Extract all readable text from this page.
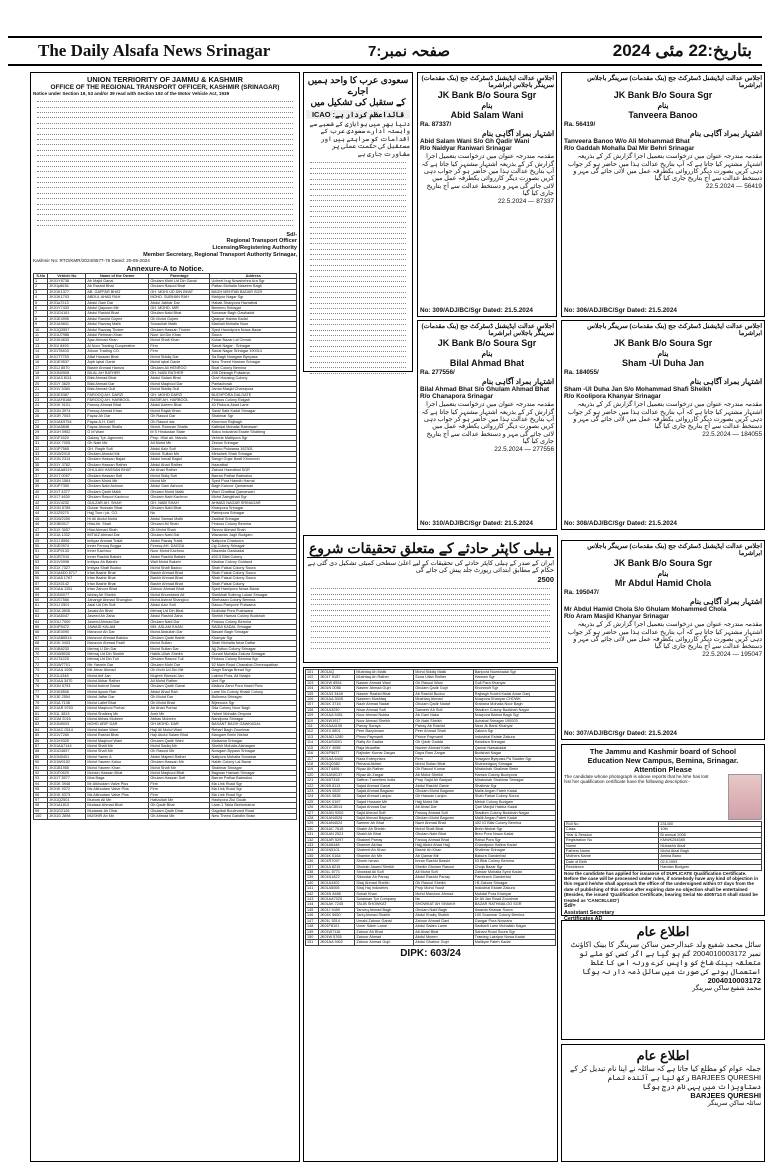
The Daily Alsafa News Srinagar	صفحہ نمبر:7	بتاریخ:22 مئی 2024
UNION TERRIORITY OF JAMMU & KASHMIR
OFFICE OF THE REGIONAL TRANSPORT OFFICER, KASHMIR (SRINAGAR)
Notice under Section 19, 53 and/or 39 read with Section 192 of the Motor Vehicle Act, 1939
Sd/-
Regional Transport Officer
Licensing/Registering Authority
Member Secretary, Regional Transport Authority Srinagar,
Kashmir No: RTO/KMR/2024/8577-78 Dated: 20-05-2024
Annexure-A to Notice.
S.No	Vehicle No	Name of the Owner	Parentage	Address
1	JK01Y8738	Ab Majid Ganai	Ghulam Mohi Ud Din Ganai	Ucheel hug Nowshehra Ara Sgr
2	JK01p8636	Ab Rashid Bhat	Ghulam Rasool Bhat	Pattan Mohalla Naseem Bagh
3	JK01K1377	AB. GAFFAR BHAT	GH. MOHI UD DIN BHAT	BAGH MEHTAB BADAR SGR
4	JK01K1703	ABDUL AHAD RAH	MOHD. SUBHAN RAH	Mahjoor Nagar Sgr
5	JK01a7213	Abdul Gani Dar	Abdul Jabbar Dar	Habak Shanpora Hazratbal
6	JK01Y7433	Abdul Qayoom Mir	GH. MOHD. MIR	Bemeeo Srinagar
7	JK01G4161	Abdul Rashid Bhat	Ghulam Nabi Bhat	Sonawar Bagh Gawkadal
8	JK01E4995	Abdul Rashid Gujree	Gh Mohd Gujree	Qasiyar Habba Kadal
9	JK01A9841	Abdul Razzaq Malik	Sonaullah Malik	Mashali Mohalla Noor
10	JK01Q3557	Abdul Razzaq Thoker	Ghulam Hassan Thoker	Syed Hamidpora Nowa Bazar
11	JK01U7986	Abdul Rehman Khan	Noor Ud Din Khan	Soura
12	JK01K4633	Ajaz Ahmad Khan	Mohd Shafi Khan	Kukar Bazar Lal Chowk
13	JK01I 8493	Al Noor Trading Cooperative	Firm	Sanat Nagar , Srinagar
14	JK01T8403	Alnoor Trading CO.	Firm	Sanat Nagar Srinagar 190014
15	JK01T7753	Altaf Hussain Bhat	Mohd Siddiq Dar	Sa Bagh Nowgam Byepass
16	JK01E9537	Aqib Iqbal Ganie	Mohd Iqbal Ganie	New Theed Harwan Srinagar
17	JK01J 8570	Bashir Ahmad Hamza	Ghulam Ali HENROO	Boat Colony Bemina
18	JK01N0908	BILAL AH RATHER	GH. NABI RATHER	498 Dinbagh Pulwama
19	JK01A3 8111	Bilal Ahmad Bhat	Abdul Salam Bhat	Govt Housing Colony
20	JK01Y 3620	Bilal Ahmad Dar	Mohd Maqbool Dar	Pantachowk
21	JK01V 5360	Bilal Ahmad Gull	Mohd Siddiq Gull	Jamia Masjid Charsipora
22	JK01E5387	FAROOQ AH. DARZI	GH. MOHD DARZI	BUCHPORA DALGATE
23	JK01AF8168	FAROOQ AH. HARBOOL	BASIR AH. HARBOOL	Firdous Colony Eidgah
24	JK01K 9101	Farooq Ahmad Bhat	Abdul Azeem Bhat	40 Firdous Abad Lane
25	JK01N 3974	Farooq Ahmad Khan	Mohd Rajab Khan	Saraf Safa Kadal Srinagar
26	JK01R 7003	Fayaz Ah Dar	Gh Rasool Dar	Shallmar Sgr
27	JK01AK5754	Fayaz A.H. DAR	Gh Rasool dar	Khurmoo Rajbagh
28	JK01A5848	Fayaz Ahmad Shalla	Mohd. Ramzan Shalla	Kathidal Mohalla Rainawari
29	JK01H 0952	G M Wani	M S Hindustan State	Sidco Industrial Estate Shalteng
30	JK01F1620	Galaxy Tpt. Agencies	Prop. Hilal ah. Mandu	Vehicle Mattipora Sgr
31	JK01X 7005	Gh Nabi Mir	Ali Mohd Mir	Zewan Srinagar
32	JK01P7565	GH. Raqib Sufi	Abdul Aziz Sufi	Dasoo Pulwama 192301
33	JK01W2015	Ghulam Ahmad Mir	Mohd. Sultan Mir	Mirsaheb Shah Srinagar
34	JK01N 2314	Ghulam Hassan Bajad	Abdul Ismail Bajad	Sangri Gojar Basti Khonmoh
35	JK01Y 3782	Ghulam Hassan Rather	Abdul Ahad Rather	Hazratbal
36	JK01AA8319	GHULAM HASSAN BHAT	Ab Ahad Rather	Zakura Hazratbal SGR
37	JK01T 0097	Ghulam Hassan Sofi	Mohd Sidiq Sofi	Barran Pathar Batmaloo
38	JK01N 1564	Ghulam Mohd Mir	Mohd Mir	Syed Pora Hamdh Hamal
39	JK01P7390	Ghulam Nabi Ashoon	Abdul Gani Ashoon	Bagh Kanoor Qamarwari
40	JK01T 4377	Ghulam Qadir Malik	Ghulam Mohd Malik	Wavi Chattbal Qamarwari
41	JK01T 4630	Ghulam Rasool Kachroo	Ghulam Nabi Kachroo	Mohd Zaingkhad Sgr
42	JK01V4232	GULZAR AH. SHAH	GH. NABI SHAH	AHMAD NAGAR SRINAGAR
43	JK01N 5785	Gulzar Hussain Bhat	Ghulam Nabi Bhat	Khanpora Srinagar
44	JK01Z9270	Hajj Tour / pk. CO.	Ns	Parimpora Srinagar
45	JK01W2250	Hi Ali Abdul Mohd	Abdul Samad Malik	Zadibal Srinagar
46	JK01B0017	Hilal Ah. Shah	Ghulam Ali Shah	Firdous Colony Bemina
47	JK01X 3057	Hilal Ahmad Shah	Gh Mohd Shah	Tarzoo Ahmad Shah
48	JK01A 1332	IMTIAZ Ahmad Dar	Ghulam Nabi Dar	Wazawan Jagir Budgam
49	JK01J 8556	imtiyaz Ahmad Tralal	Abdul Razaq Tralal	Natipora Chadoora
50	JK01E0974	Inner Ferooq Bogga	Ferooq AH. DAGGA	Lig Colony Srinagar
51	JK01F9133	Inner Kachroo	Noor Mohd Kachroo	Mazarda Gawkadal
52	JK01R7010	Inner Rashid Bakshi	Abdul Rashid Bakshi	402-5 Bilal Colony
53	JK01V0098	Imtiyaz Ah Bakshi	Wali Mohd Bakshi	Madina Colony Goldand
54	JK01X 7327	Imtiyaz Shafi Budoo	Mohd Shafi Badoo	Shah Faisal Colony Soura
55	JK01A6D0 8717	Irfan Bashir Bhat	Bashir Ahmad Bhat	Shah Faisal Colony Soura
56	JK01A8 1767	Irfan Bashir Bhat	Bashir Ahmad Bhat	Shah Faisal Colony Soura
57	JK01X0142	Irfan Bashir Bhat	Bashir Ahmad Bhat	Shah Faisal Colony
58	JK01AA 1351	Irfan Zahoor Bhat	Zahoor Ahmad Bhat	Syed Hamipora Nowa Bazar
59	JK01N0077	Ishfaq Ah Sheikh	Mohd Khursheed Ali	Sheikhall Soiteng Lokari Srinagar
60	JK01S7566	Jahangir Ahmad Shangloo	Mohd Ashraf Shangloo	Shehzaan Colony Bemina
61	JK01J 2501	Jalal Ud Din Sofi	Abdul Aziz Sofi	Dasoo Pampore Pulwama
62	JK01A 2808	Javaid Ah Bhat	Mehraj Ud Din Bhat	Mukhdal Pora Pushwara
63	JK01A6047	Javeed Ah Zaha	Abdul Rashid Zaha	Sheikh Hamza Colony Budshah
64	JK01U 7000	Javeed Ahmad Dar	Ghulam Nabi Dar	Firdous Colony Bemina
65	JK01P5472	JAWAID KALAM	MH. ASLAM KHAN	SAIDA KADAL Srinagar
66	JK01E0090	Manzoor Ah Dar	Mohd Abdullah Dar	Basant Bagh Srinagar
67	JK01AB6514	Manzoor Ahmad Babloo	Ghulam Qadir Bable	Khanyar Sgr
68	JK01K 3403	Manzoor Ahmad Fazili	Mohd Sultan	Shah Mohalla Near Daftar
69	JK01B8233	Mehraj U Din Dar	Mohd Sultan Dar	Ajj Zuttoo Colony Srinagar
70	JK01W8026	Mehraj Ud Din Sheikh	Habib-Ullah Sheikh	Ounari Mohalla Zakura Srinagar
71	JK01T4225	Mehraj Ud Din Tuli	Ghulam Rasool Tuli	Firdous Colony Bemina Sgr
72	JK01W7701	Mir Yasmin Dar	Ghulam Mohi Dar	52 Main Road Chanabal Chennapathan
73	JK01AA 1006	Mir Abrar Ahmad	Gh Mohi Ud Din Mir	Gagri Sanga Bread Sgr
74	JK01L4348	Mohd Arif Jan	Mujeeb Ramzzi Jan	Lakhor Pora, Ali Masjid
75	JK01AA 3470	Mohd Akbar Rather	Ali Mohd Rather	Umi Sgr
76	JK01N 5793	Mohd Ashraf Ganai	Ghulam Qadir Ganai	Mallora Zand Pora Hazel Pora
77	JK01K8506	Mohd Ayoub Rah	Abdul Ahad Rah	Lane No Colony Khakil Colony
78	JK01E 2554	Mohd Jaffar Dar	Gh Mohd Dar	Bulhoma Srinagar
79	JK01A 7138	Mohd Latief Bhat	Gh Mohd Bhat	Bijeeoora Sgr
80	JK01AR 9763	Mohd Maqbool Porhai	Ab Ahad Porhai	Sda Colony Noor Bagh
81	JK01L 3813	Mohd Shafeeq Mir	Amir Mir	Yaheri Mohalla Ompora
82	JK01M 2016	Mohd Abbas Mubeen	Abbas Mubeen	Nandpora Srinagar
83	JK01N9003	MOHD ARIF DAR	GH MOHD. DAR	BASANT BAGH GAWKADAL
84	JK01AC 0514	Mohd Aslam Wani	Haji Ali Mohd Wani	Rehari Bagh Zoonimar
85	JK01V7260	Mohd Rashid Bhat	Haji Abdul Salam Bhat	Mangam Brein Nishat
86	JK01X9325	Mohd Maqbool Wani	Ghulam Qadir Wani	Malsama Srinagar
87	JK01AA7144	Mohd Shafi Mir	Mohd Sadiq Mir	Sheikh Mohalla Aishaqam
88	JK01G4697	Mohd Shafi Mir	Gh Rasool Mir	Nowgam Bypass Srinagar
89	JK01N0401	Mohd Yamin A	Abdul Majeed Rather	Natipora Mohalla Sonawar
90	JK01W0152	Mohd Yaseen Kaloo	Ghulam Hassan Mir	Habib Colony Lal Bazar
91	JK01B1955	Mohd Yaseen Khan	Mohd Shafi Mir	Shalimar Srinagar
92	JK01F0629	Mohsin Hassan Bhat	Mohd Maqbool Bhat	Bagwan Harwan Srinagar
93	JK01T 3577	Mos Baga	Ghulam Hassan Sofi	Barran Pathar Batmaloo
94	JK01K 3948	Mr Alkhudam Valve Plus	Firm	Ma Link Road Sgr
95	JK01K 9372	Ms Alkhudam Valve Plus	Firm	Ma Link Road Sgr
96	JK01K 8373	Ms Alkhudam Valve Plus	Firm	Ma Link Road Sgr
97	JK01Q2501	Muburk Ali Mir	Hafizullah Mir	Hashpora Ziul Gulab
98	JK01A1813	Mudasir Ahmad Bhat	Gh Qadir Bhat	Lane-1 Takia Beehuhairat
99	JK01G2126	Mudassir Ah Dhar	Ghulam Qadir Dhar	Gagribal Boulevard Road
100	JK01G 2898	MUSHIR Ah Mir	Gh Ahmad Mir	New Theed Gandhir Brain
سعودی عرب کا واحد ہمیں اجارے
کے ستقبل کی تشکیل میں
قائداعظم کردار ہے: ICAO
دنیا بھر میں ہوابازی کے شعبے سے وابستہ ادارے سعودی عرب کے اقدامات کو سراہتے ہیں اور مستقبل کی حکمت عملی پر مشاورت جاری ہے
اجلاس عدالت ایڈیشنل ڈسٹرکٹ جج (بنک مقدمات) سرینگر باجلاس ابراشرما
JK Bank B/o Soura Sgr
بنام
Abid Salam Wani
Ra. 87337/
اشتہار بمراد آگاہی بنام
Abid Salam Wani S/o Gh Qadir Wani
R/o Naidyar Raniwari Srinagar
مقدمہ مندرجہ عنوان میں درخواست بتعمیل اجرا گزارش کر کے بذریعہ اشتہار مشتہر کیا جاتا ہے کہ آپ بتاریخ عدالت ہذا میں حاضر ہو کر جواب دہی کریں بصورت دیگر کارروائی یکطرفہ عمل میں لائی جائے گی مہر و دستخط عدالت سے آج بتاریخ جاری کیا گیا
87337 — 22.5.2024
No: 309/ADJ/BC/Sgr Dated: 21.5.2024
اجلاس عدالت ایڈیشنل ڈسٹرکٹ جج (بنک مقدمات) سرینگر باجلاس ابراشرما
JK Bank B/o Soura Sgr
بنام
Tanveera Banoo
Ra. 56419/
اشتہار بمراد آگاہی بنام
Tanveera Banoo W/o Ali Mohammad Bhat
R/o Gaddah Mohalla Dal Mir Behri Srinagar
مقدمہ مندرجہ عنوان میں درخواست بتعمیل اجرا گزارش کر کے بذریعہ اشتہار مشتہر کیا جاتا ہے کہ آپ بتاریخ عدالت ہذا میں حاضر ہو کر جواب دہی کریں بصورت دیگر کارروائی یکطرفہ عمل میں لائی جائے گی مہر و دستخط عدالت سے آج بتاریخ جاری کیا گیا
56419 — 22.5.2024
No: 306/ADJ/BC/Sgr Dated: 21.5.2024
اجلاس عدالت ایڈیشنل ڈسٹرکٹ جج (بنک مقدمات) سرینگر باجلاس ابراشرما
JK Bank B/o Soura Sgr
بنام
Bilal Ahmad Bhat
Ra. 277556/
اشتہار بمراد آگاہی بنام
Bilal Ahmad Bhat S/o Ghulam Ahmad Bhat
R/o Chanapora Srinagar
مقدمہ مندرجہ عنوان میں درخواست بتعمیل اجرا گزارش کر کے بذریعہ اشتہار مشتہر کیا جاتا ہے کہ آپ بتاریخ عدالت ہذا میں حاضر ہو کر جواب دہی کریں بصورت دیگر کارروائی یکطرفہ عمل میں لائی جائے گی مہر و دستخط عدالت سے آج بتاریخ جاری کیا گیا
277556 — 22.5.2024
No: 310/ADJ/BC/Sgr Dated: 21.5.2024
اجلاس عدالت ایڈیشنل ڈسٹرکٹ جج (بنک مقدمات) سرینگر باجلاس ابراشرما
JK Bank B/o Soura Sgr
بنام
Sham -Ul Duha Jan
Ra. 184055/
اشتہار بمراد آگاہی بنام
Sham -Ul Duha Jan S/o Mohammad Shafi Sheikh
R/o Koolipora Khanyar Srinagar
مقدمہ مندرجہ عنوان میں درخواست بتعمیل اجرا گزارش کر کے بذریعہ اشتہار مشتہر کیا جاتا ہے کہ آپ بتاریخ عدالت ہذا میں حاضر ہو کر جواب دہی کریں بصورت دیگر کارروائی یکطرفہ عمل میں لائی جائے گی مہر و دستخط عدالت سے آج بتاریخ جاری کیا گیا
184055 — 22.5.2024
No: 308/ADJ/BC/Sgr Dated: 21.5.2024
ہیلی کاپٹر حادثے کے متعلق تحقیقات شروع
ایران کے صدر کے ہیلی کاپٹر حادثے کی تحقیقات کے لیے اعلیٰ سطحی کمیٹی تشکیل دی گئی ہے حکام کے مطابق ابتدائی رپورٹ جلد پیش کی جائے گی
2500
101	JK01AQ	Mushtaq Ah Malik	Mohd Siddiq Malik	Baripora Nowshadai Sgr
102	JK01T 5157	Mushtaq Ah Rather	Sona Ullah Rather	Harwan Sgr
103	JK01W 8554	Nasser Ahmad Wani	Gh Rasool Wani	Gull Para Khanyar
104	JK01N 0056	Naseer Ahmad Gujri	Ghulam Qadir Gujri	Khonmoh Sgr
105	JK01A3 3448	Naseer Rashid Bhat	Ab Rashid Budoo	Rajbagh Kocint Kadal Amar Ganj
106	JK01AA 3045	Naseem Mushtaq	Mushtaq Ahmad	Nowpora Khanyar CHOWK
107	JK01K 3716	Nazir Ahmad Nadaf	Ghulam Qadir Nadaf	Srabana Mohalla Noor Bagh
108	JK01A3030	Nisar Ahmad Sofi	Sanseer Ah Sofi	Stadium Colony Budshah Nagar
109	JK01AA 5451	Noor Ahmad Nukka	Ab Gani Naka	Nowpora Baxtar Bagh Sgr
110	JK01W1917	Noor Ahmad Sheikh	Gh Nabi Sheikh	Achabal Srinagar 190003
111	JK01AA4195	Parray Soraya	Parray Ab Rashid	Near Jk Bank Khanyar
112	JK01X 6801	Peer Bazyinnam	Peer Ahmad Shah	Zakura Sgr
113	JK01AD 1280	Pinoo Paymanti	Prince Paymanti	Industrial Estate Zakura
114	JK01AS3001	Rafiq Ah Gadda	Gh Qadir Gadda	Kawdara Srinagar
115	JK01Y 4058	Raja Muzaffar	Nazeer Ahmad Kuttu	Qamar Nawakadal
116	JK01P5677	Rajinder Kumar Zargar	Daya Ram Zargar	Budshah Nagar
117	JK01AA 6440	Raza Enterprises	Firm	Nowgam Byepass Pa Sadder Sgr
118	JK01Q0382	Rehana Akhter	Mohd Sultan Bhat	Shaheedgunj Srinagar
119	JK01T4406	Riyaz Ah Rather	Gh Rasool Kumar	Mirakshah Shalimar Brein
120	JK01AN0137	Riyaz Ah Zargar	Ab Mohd Sheikh	Hamza Colony Buchpora
121	JK01B7318	Saffron Travellers India	Prop Sajid Ah Badyari	Mirakshah Shalimar Srinagar
122	JK01B 8113	Sajad Ahmad Ganai	Abdul Rashid Ganie	Shalimar Sgr
123	JK01N 5537	Sajad Ahmad Bagwan	Ghulam Mohd Bagwan	Malik Angan Fateh Kadal
124	JK01K 0836	Sajad Ahmad Lanjoo	Gh Hassan Lanjoo	Shah Faisal Colony Soura
125	JK01K 0167	Sajad Hussain Mir	Hajj Mohd Mir	Mehdi Colony Budgam
126	JK01AC8014	Sajad Ahmad Dar	Ab Ahad Dar	Qari Manjid Habba Kadal
127	JK01AN 9200	Sajid Ahmad Soft	Farooq Ahmad Sofi	Stadium Colony Budshah Nagar
128	JK01AN4026	Sajid Ahmad Bagwan	Ghulam Mohd Bagwan	Malik Angan Fateh Kadal
129	JK01AN4024	Sameer Ah Bhat	Nazir Ahmad Bhat	402 IG Bilal Colony Bemina
130	JK01AC 7615	Shabir Ah Sheikh	Mohd Shafi Bhat	Brein Nishat Sgr
131	JK01AN 2521	Shakil Ah Bhat	Ghulam Nabi Bhat	Bren Pora Nowa Kadal
132	JK01AR 5297	Shakeel Parray	Farooq Ahmad Bhat	Rahul Pora Sgr
133	JK01A6448	Shamim Akhtar	Hajj Abdul Ahad Hajj	Chandpora Habba Kadal
134	JK01N5101	Shaheel Ah Khan	Bashir Ah Khan	Shalimar Srinagar
135	JK01K 0164	Shamim Ah Mir	Ab Qamar Mir	Bakura Ganderbal
136	JK01R7097	Shoeb Isman	Imran Rashid Basshi	93 Bilal Colony Bemina
137	JK01A 8215	Shuhab Jawed Sheikh	Sheikh Ghulam Rasool	Choja Bazar Sgr
138	JK01L 6771	Showkat Ali Sofi	Ali Mohd Sofi	Zohdar Mohalla Syed Kadar
139	JK01N1822	Sikandar Ah Parray	Abdul Rashid Parray	Pamteach Ganderbal
140	JK01A4402	Siraj Ahmad Sheikh	Gh Rasool Sheikh	I B Zakura Srinagar
141	JK01A5006	Siraj Haj Industries	Prop Mohd Yousf	Industrial Estate Zakura
142	JK01N 8466	Sohail Khan	Mohd Manzoor Ahmad	Mukdal Pora Khanyar
143	JK01AA7020	Sulaiman Tpt Company	Ns	Dr Ali Jan Road Zoonimar
144	JK01AK 7245	TALIB SHOWKAT	SHOWKAT AH SHAIKH	BAZAR RATHMALOO SGR
145	JK01J 9459	Tanveq Ahmad Bagh	Ghulam Nabi Bagh	Awarda Khawar Soura
146	JK01K 5650	Tariq Ahmad Shaikh	Abdul Khaliq Shaikh	100 Soanmar Colony Bemina
147	JK01L 5314	Umaid Zahoor Ganai	Zahoor Ahmad Gani	Gangar Pora Nowrara
148	JK01F8101	Umer Saleh Lame	Abdul Salam Lame	Sadkarti Lane Mohallah Nagar
149	JK01W7116	Zahoor Ah Bhat	Ab Ahad Bhat	Sahani Road Soura Sgr
150	JK01W 5765	Zahoor Ahmad	Abdul Mueen	Traming Lakripor Nowa Kadal
151	JK01AA 9402	Zahoor Ahmad Gujri	Abdul Ghafoor Gujri	Malikyar Fateh Kadal
DIPK: 603/24
اجلاس عدالت ایڈیشنل ڈسٹرکٹ جج (بنک مقدمات) سرینگر باجلاس ابراشرما
JK Bank B/o Soura Sgr
بنام
Mr Abdul Hamid Chola
Ra. 195047/
اشتہار بمراد آگاہی بنام
Mr Abdul Hamid Chola S/o Ghulam Mohammed Chola
R/o Aram Masjid Khanyar Srinagar
مقدمہ مندرجہ عنوان میں درخواست بتعمیل اجرا گزارش کر کے بذریعہ اشتہار مشتہر کیا جاتا ہے کہ آپ بتاریخ عدالت ہذا میں حاضر ہو کر جواب دہی کریں بصورت دیگر کارروائی یکطرفہ عمل میں لائی جائے گی مہر و دستخط عدالت سے آج بتاریخ جاری کیا گیا
195047 — 22.5.2024
No: 307/ADJ/BC/Sgr Dated: 21.5.2024
The Jammu and Kashmir board of School
Education New Campus, Bemina, Srinagar.
Attention Please
The candidate whose photograph is above reports that he /she has lost his/ her qualification certificate have the following description:-
Roll No	231400
Class	10th
Year & Session	Bi annual 2008
Registration No	KMWK254585
Name	Mubashir Afzal
Fathers Name	Mohd Afzal Bagh
Mothers Name	Amina Bano
Date of Birth	02.5.1993
Residence	Handan Budgam
Now the candidate has applied for issuance of DUPLICATE Qualification Certificate. Before the case will be processed under rules, if somebody have any kind of objection in this regard he/she shall approach the office of the undersigned within 07 days from the date of publishing of this notice after expiring date no objection shall be entertained (Besides, the issued 'Qualification Certificate, bearing Serial No 4005714 It shall stand be treated as 'CANCELLED')
Sd/=
Assistant Secretary
Certificates AD
اطلاع عام
سائل محمد شفیع ولد عبدالرحمن ساکن سرینگر کا بینک اکاؤنٹ نمبر 2004010003172 گم ہو گیا ہے اگر کسی کو ملے تو متعلقہ بینک شاخ کو واپس کرے ورنہ اس کا غلط استعمال ہونے کی صورت میں سائل ذمہ دار نہ ہوگا
2004010003172
محمد شفیع ساکن سرینگر
اطلاع عام
جملہ عوام کو مطلع کیا جاتا ہے کہ سائلہ نے اپنا نام تبدیل کر کے BARJEES QURESHI رکھ لیا ہے آئندہ تمام دستاویزات میں یہی نام درج ہوگا
BARJEES QURESHI
سائلہ ساکن سرینگر
